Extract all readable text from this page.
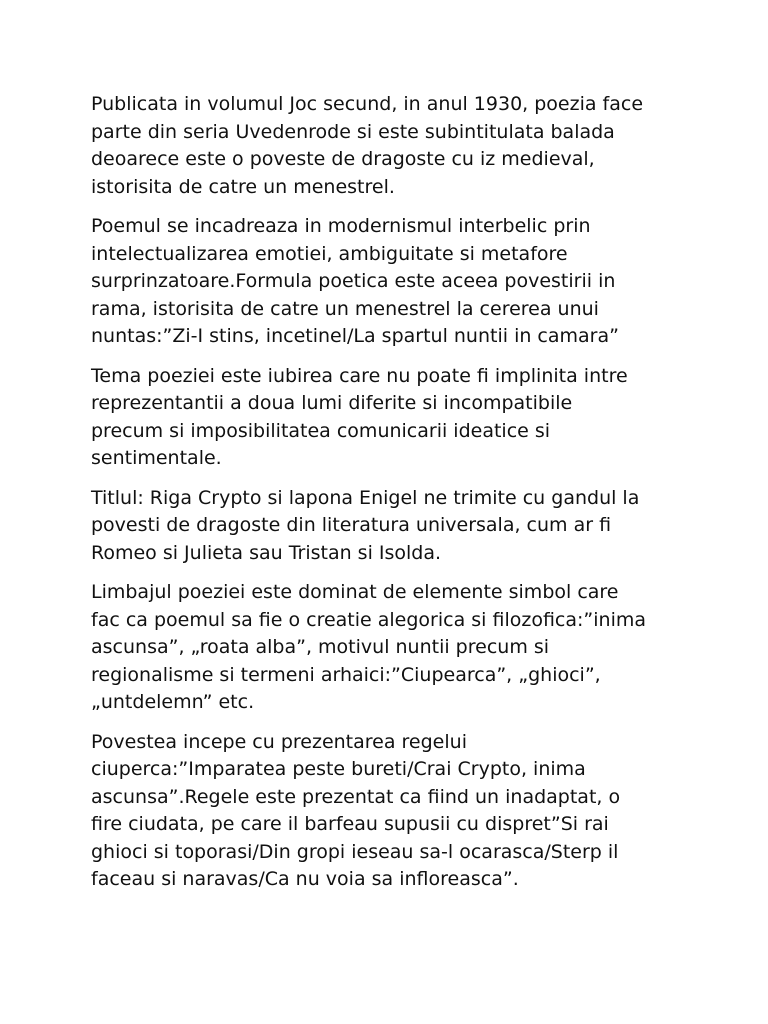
Publicata in volumul Joc secund, in anul 1930, poezia face
parte din seria Uvedenrode si este subintitulata balada
deoarece este o poveste de dragoste cu iz medieval,
istorisita de catre un menestrel.

Poemul se incadreaza in modernismul interbelic prin
intelectualizarea emotiei, ambiguitate si metafore
surprinzatoare.Formula poetica este aceea povestirii in
rama, istorisita de catre un menestrel la cererea unui
nuntas:”Zi-I stins, incetinel/La spartul nuntii in camara”

Tema poeziei este iubirea care nu poate fi implinita intre
reprezentantii a doua lumi diferite si incompatibile
precum si imposibilitatea comunicarii ideatice si
sentimentale.

Titlul: Riga Crypto si lapona Enigel ne trimite cu gandul la
povesti de dragoste din literatura universala, cum ar fi
Romeo si Julieta sau Tristan si Isolda.

Limbajul poeziei este dominat de elemente simbol care
fac ca poemul sa fie o creatie alegorica si filozofica:”inima
ascunsa”, „roata alba”, motivul nuntii precum si
regionalisme si termeni arhaici:”Ciupearca”, „ghioci”,
„untdelemn” etc.

Povestea incepe cu prezentarea regelui
ciuperca:”Imparatea peste bureti/Crai Crypto, inima
ascunsa”.Regele este prezentat ca fiind un inadaptat, o
fire ciudata, pe care il barfeau supusii cu dispret”Si rai
ghioci si toporasi/Din gropi ieseau sa-l ocarasca/Sterp il
faceau si naravas/Ca nu voia sa infloreasca”.
